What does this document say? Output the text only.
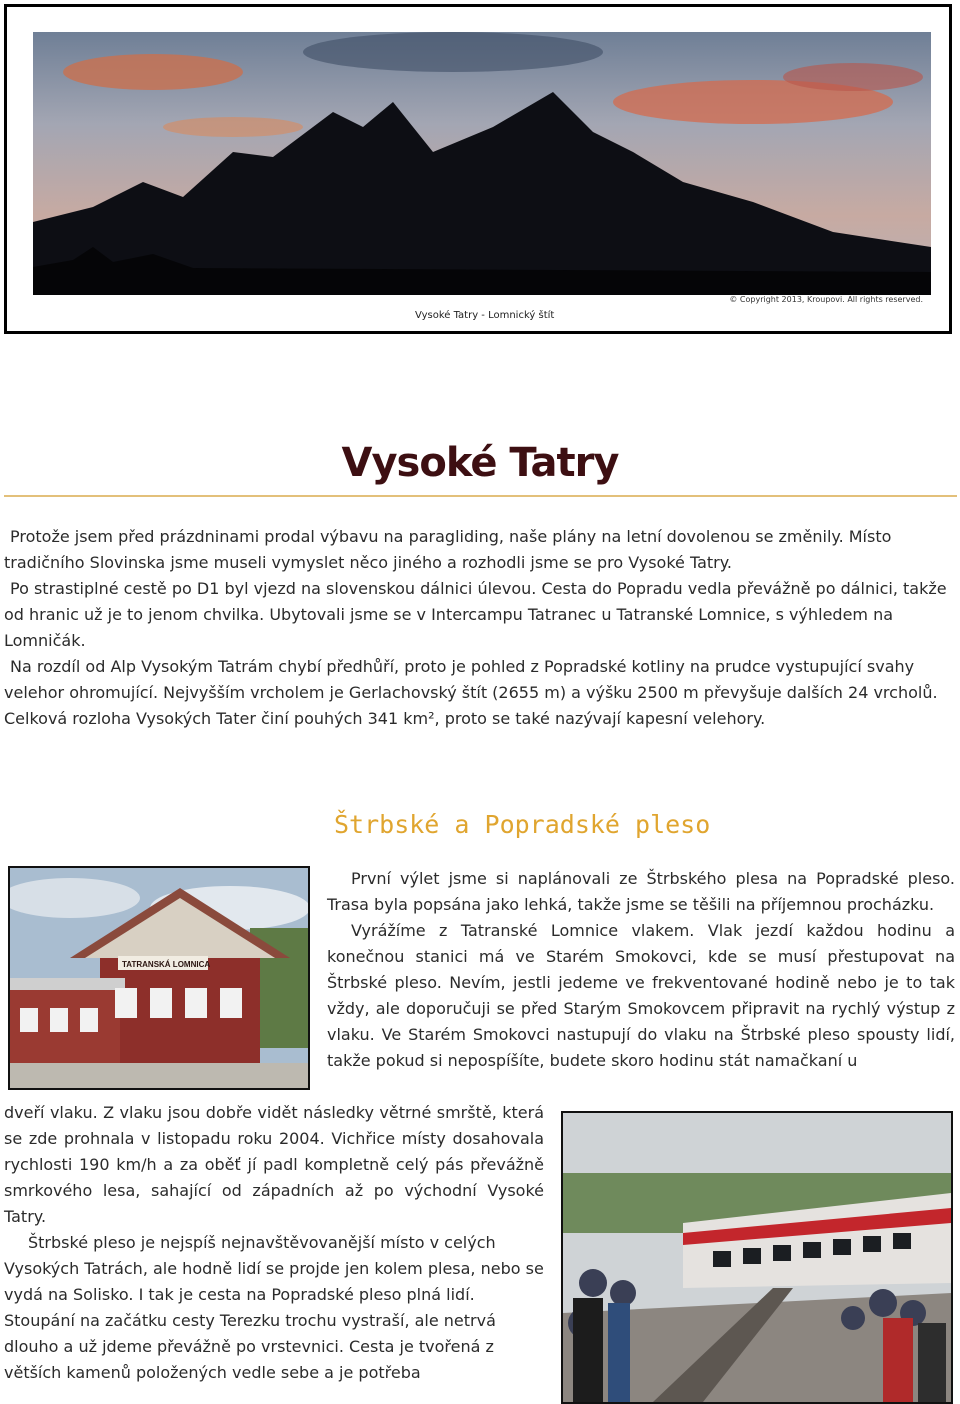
© Copyright 2013, Kroupovi. All rights reserved.
Vysoké Tatry - Lomnický štít
Vysoké Tatry

Protože jsem před prázdninami prodal výbavu na paragliding, naše plány na letní dovolenou se změnily. Místo tradičního Slovinska jsme museli vymyslet něco jiného a rozhodli jsme se pro Vysoké Tatry.

Po strastiplné cestě po D1 byl vjezd na slovenskou dálnici úlevou. Cesta do Popradu vedla převážně po dálnici, takže od hranic už je to jenom chvilka. Ubytovali jsme se v Intercampu Tatranec u Tatranské Lomnice, s výhledem na Lomničák.

Na rozdíl od Alp Vysokým Tatrám chybí předhůří, proto je pohled z Popradské kotliny na prudce vystupující svahy velehor ohromující. Nejvyšším vrcholem je Gerlachovský štít (2655 m) a výšku 2500 m převyšuje dalších 24 vrcholů. Celková rozloha Vysokých Tater činí pouhých 341 km², proto se také nazývají kapesní velehory.

Štrbské a Popradské pleso
TATRANSKÁ LOMNICA

První výlet jsme si naplánovali ze Štrbského plesa na Popradské pleso. Trasa byla popsána jako lehká, takže jsme se těšili na příjemnou procházku.

Vyrážíme z Tatranské Lomnice vlakem. Vlak jezdí každou hodinu a konečnou stanici má ve Starém Smokovci, kde se musí přestupovat na Štrbské pleso. Nevím, jestli jedeme ve frekventované hodině nebo je to tak vždy, ale doporučuji se před Starým Smokovcem připravit na rychlý výstup z vlaku. Ve Starém Smokovci nastupují do vlaku na Štrbské pleso spousty lidí, takže pokud si nepospíšíte, budete skoro hodinu stát namačkaní u

dveří vlaku. Z vlaku jsou dobře vidět následky větrné smrště, která se zde prohnala v listopadu roku 2004. Vichřice místy dosahovala rychlosti 190 km/h a za oběť jí padl kompletně celý pás převážně smrkového lesa, sahající od západních až po východní Vysoké Tatry.

Štrbské pleso je nejspíš nejnavštěvovanější místo v celých Vysokých Tatrách, ale hodně lidí se projde jen kolem plesa, nebo se vydá na Solisko. I tak je cesta na Popradské pleso plná lidí. Stoupání na začátku cesty Terezku trochu vystraší, ale netrvá dlouho a už jdeme převážně po vrstevnici. Cesta je tvořená z větších kamenů položených vedle sebe a je potřeba
